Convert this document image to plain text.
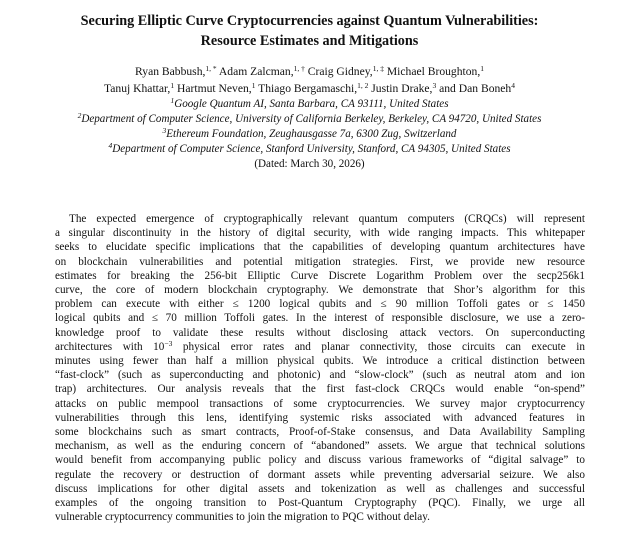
Securing Elliptic Curve Cryptocurrencies against Quantum Vulnerabilities:
Resource Estimates and Mitigations
Ryan Babbush,$^{1, *}$ Adam Zalcman,$^{1, \dagger}$ Craig Gidney,$^{1, \ddagger}$ Michael Broughton,$^1$
Tanuj Khattar,$^1$ Hartmut Neven,$^1$ Thiago Bergamaschi,$^{1, 2}$ Justin Drake,$^3$ and Dan Boneh$^4$
$^1$Google Quantum AI, Santa Barbara, CA 93111, United States
$^2$Department of Computer Science, University of California Berkeley, Berkeley, CA 94720, United States
$^3$Ethereum Foundation, Zeughausgasse 7a, 6300 Zug, Switzerland
$^4$Department of Computer Science, Stanford University, Stanford, CA 94305, United States
(Dated: March 30, 2026)
The expected emergence of cryptographically relevant quantum computers (CRQCs) will represent
a singular discontinuity in the history of digital security, with wide ranging impacts. This whitepaper
seeks to elucidate specific implications that the capabilities of developing quantum architectures have
on blockchain vulnerabilities and potential mitigation strategies. First, we provide new resource
estimates for breaking the 256-bit Elliptic Curve Discrete Logarithm Problem over the secp256k1
curve, the core of modern blockchain cryptography. We demonstrate that Shor’s algorithm for this
problem can execute with either ≤ 1200 logical qubits and ≤ 90 million Toffoli gates or ≤ 1450
logical qubits and ≤ 70 million Toffoli gates. In the interest of responsible disclosure, we use a zero-
knowledge proof to validate these results without disclosing attack vectors. On superconducting
architectures with $10^{-3}$ physical error rates and planar connectivity, those circuits can execute in
minutes using fewer than half a million physical qubits. We introduce a critical distinction between
“fast-clock” (such as superconducting and photonic) and “slow-clock” (such as neutral atom and ion
trap) architectures. Our analysis reveals that the first fast-clock CRQCs would enable “on-spend”
attacks on public mempool transactions of some cryptocurrencies. We survey major cryptocurrency
vulnerabilities through this lens, identifying systemic risks associated with advanced features in
some blockchains such as smart contracts, Proof-of-Stake consensus, and Data Availability Sampling
mechanism, as well as the enduring concern of “abandoned” assets. We argue that technical solutions
would benefit from accompanying public policy and discuss various frameworks of “digital salvage” to
regulate the recovery or destruction of dormant assets while preventing adversarial seizure. We also
discuss implications for other digital assets and tokenization as well as challenges and successful
examples of the ongoing transition to Post-Quantum Cryptography (PQC). Finally, we urge all
vulnerable cryptocurrency communities to join the migration to PQC without delay.
